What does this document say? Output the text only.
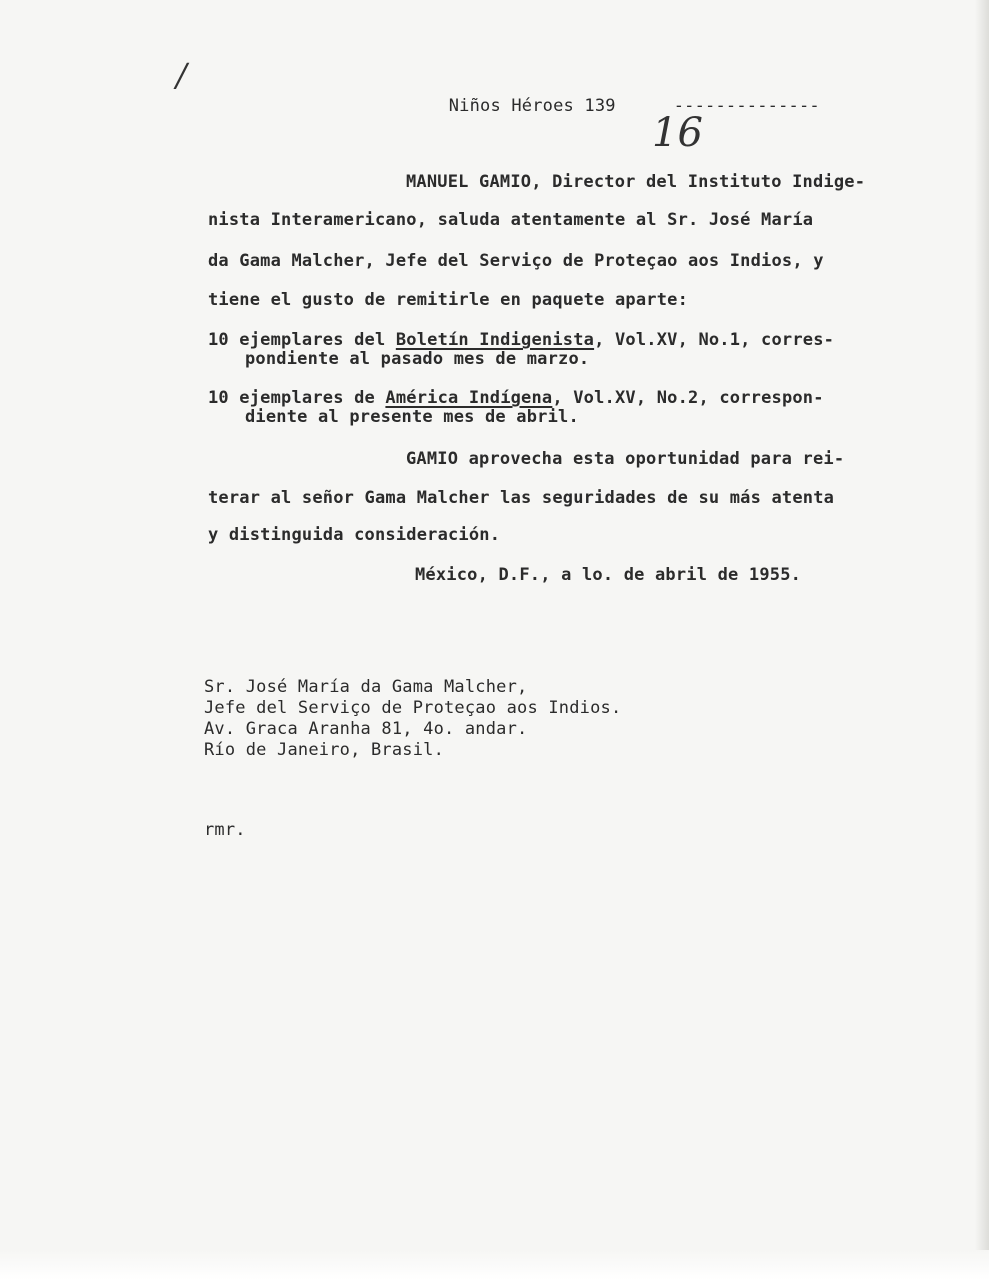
/

Niños Héroes 139
	--------------

16
MANUEL GAMIO, Director del Instituto Indige-
nista Interamericano, saluda atentamente al Sr. José María
da Gama Malcher, Jefe del Serviço de Proteçao aos Indios, y
tiene el gusto de remitirle en paquete aparte:
10 ejemplares del Boletín Indigenista, Vol.XV, No.1, corres-
pondiente al pasado mes de marzo.
10 ejemplares de América Indígena, Vol.XV, No.2, correspon-
diente al presente mes de abril.
GAMIO aprovecha esta oportunidad para rei-
terar al señor Gama Malcher las seguridades de su más atenta
y distinguida consideración.
México, D.F., a lo. de abril de 1955.
Sr. José María da Gama Malcher,
Jefe del Serviço de Proteçao aos Indios.
Av. Graca Aranha 81, 4o. andar.
Río de Janeiro, Brasil.
rmr.
